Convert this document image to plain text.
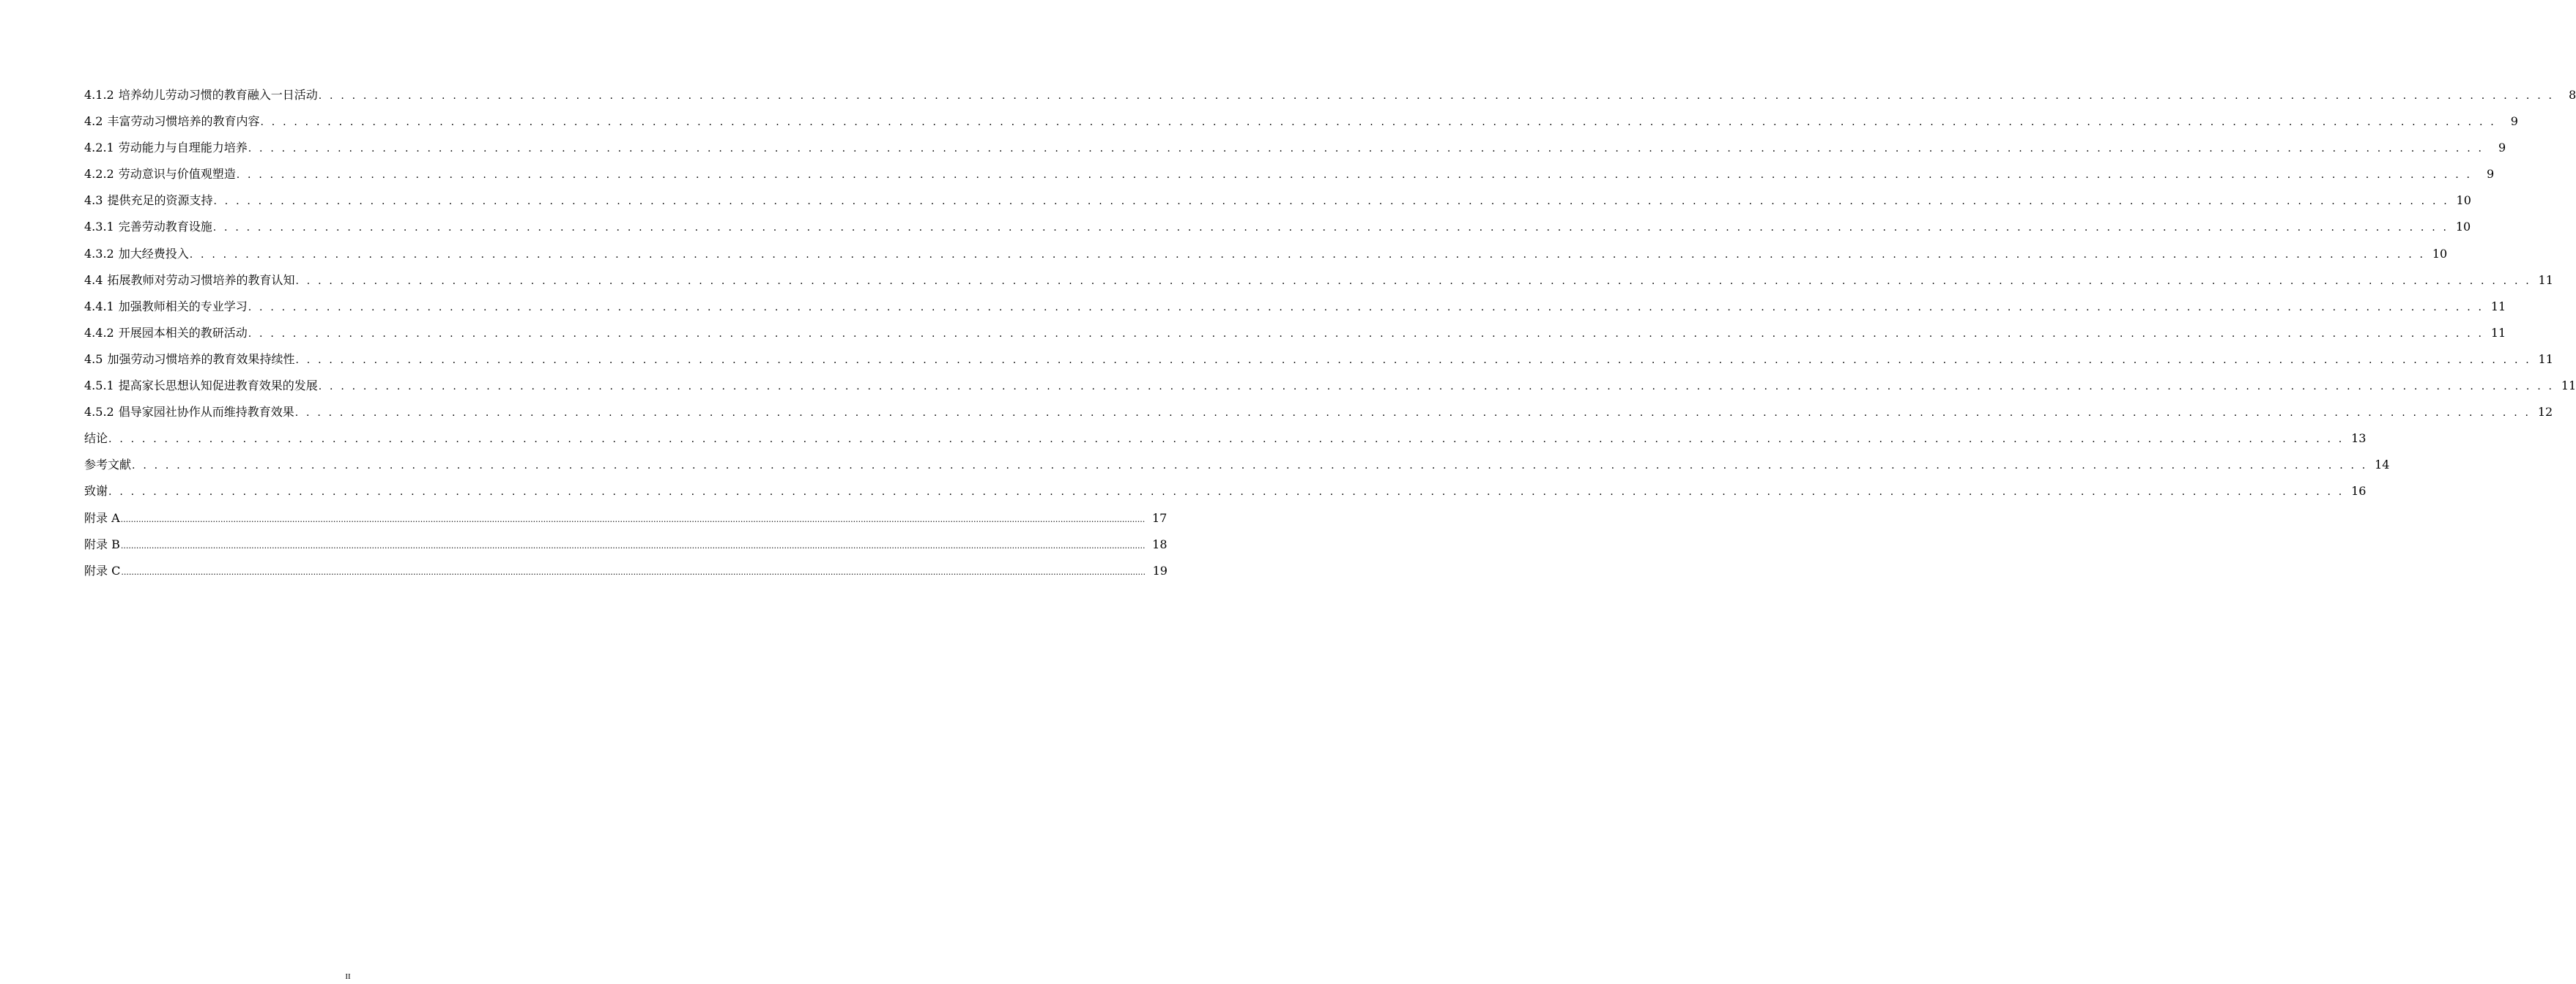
4.1.2 培养幼儿劳动习惯的教育融入一日活动 . . . . . . . . . . . . . . . . . . . . . . . . . . . . . . . . . . . . . . . . . . . . . . . . . . . . . . . . . . . . . . . . . . . . . . . . . . . . . . . . . . . . . . . . . . . . . . . . . . . . . . . . . . . . . . . . . . . . . . . . . . . . . . . . . . . . . . . . . . . . . . . . . . . . . . . . . . . . . . . . . . . . . . . . . . . . . . . . . . . . . . . . . . . . . . . . . . . . . . . .	8
4.2 丰富劳动习惯培养的教育内容 . . . . . . . . . . . . . . . . . . . . . . . . . . . . . . . . . . . . . . . . . . . . . . . . . . . . . . . . . . . . . . . . . . . . . . . . . . . . . . . . . . . . . . . . . . . . . . . . . . . . . . . . . . . . . . . . . . . . . . . . . . . . . . . . . . . . . . . . . . . . . . . . . . . . . . . . . . . . . . . . . . . . . . . . . . . . . . . . . . . . . . . . . . . . . . . . . . . . . . . .	9
4.2.1 劳动能力与自理能力培养 . . . . . . . . . . . . . . . . . . . . . . . . . . . . . . . . . . . . . . . . . . . . . . . . . . . . . . . . . . . . . . . . . . . . . . . . . . . . . . . . . . . . . . . . . . . . . . . . . . . . . . . . . . . . . . . . . . . . . . . . . . . . . . . . . . . . . . . . . . . . . . . . . . . . . . . . . . . . . . . . . . . . . . . . . . . . . . . . . . . . . . . . . . . . . . . . . . . . . . . .	9
4.2.2 劳动意识与价值观塑造 . . . . . . . . . . . . . . . . . . . . . . . . . . . . . . . . . . . . . . . . . . . . . . . . . . . . . . . . . . . . . . . . . . . . . . . . . . . . . . . . . . . . . . . . . . . . . . . . . . . . . . . . . . . . . . . . . . . . . . . . . . . . . . . . . . . . . . . . . . . . . . . . . . . . . . . . . . . . . . . . . . . . . . . . . . . . . . . . . . . . . . . . . . . . . . . . . . . . . . . .	9
4.3 提供充足的资源支持 . . . . . . . . . . . . . . . . . . . . . . . . . . . . . . . . . . . . . . . . . . . . . . . . . . . . . . . . . . . . . . . . . . . . . . . . . . . . . . . . . . . . . . . . . . . . . . . . . . . . . . . . . . . . . . . . . . . . . . . . . . . . . . . . . . . . . . . . . . . . . . . . . . . . . . . . . . . . . . . . . . . . . . . . . . . . . . . . . . . . . . . . . . . . . . . . . . . . . . . . 10
4.3.1 完善劳动教育设施 . . . . . . . . . . . . . . . . . . . . . . . . . . . . . . . . . . . . . . . . . . . . . . . . . . . . . . . . . . . . . . . . . . . . . . . . . . . . . . . . . . . . . . . . . . . . . . . . . . . . . . . . . . . . . . . . . . . . . . . . . . . . . . . . . . . . . . . . . . . . . . . . . . . . . . . . . . . . . . . . . . . . . . . . . . . . . . . . . . . . . . . . . . . . . . . . . . . . . . . . 10
4.3.2 加大经费投入 . . . . . . . . . . . . . . . . . . . . . . . . . . . . . . . . . . . . . . . . . . . . . . . . . . . . . . . . . . . . . . . . . . . . . . . . . . . . . . . . . . . . . . . . . . . . . . . . . . . . . . . . . . . . . . . . . . . . . . . . . . . . . . . . . . . . . . . . . . . . . . . . . . . . . . . . . . . . . . . . . . . . . . . . . . . . . . . . . . . . . . . . . . . . . . . . . . . . . . . . 10
4.4 拓展教师对劳动习惯培养的教育认知 . . . . . . . . . . . . . . . . . . . . . . . . . . . . . . . . . . . . . . . . . . . . . . . . . . . . . . . . . . . . . . . . . . . . . . . . . . . . . . . . . . . . . . . . . . . . . . . . . . . . . . . . . . . . . . . . . . . . . . . . . . . . . . . . . . . . . . . . . . . . . . . . . . . . . . . . . . . . . . . . . . . . . . . . . . . . . . . . . . . . . . . . . . . . . . . . . . . . . . . . 11
4.4.1 加强教师相关的专业学习 . . . . . . . . . . . . . . . . . . . . . . . . . . . . . . . . . . . . . . . . . . . . . . . . . . . . . . . . . . . . . . . . . . . . . . . . . . . . . . . . . . . . . . . . . . . . . . . . . . . . . . . . . . . . . . . . . . . . . . . . . . . . . . . . . . . . . . . . . . . . . . . . . . . . . . . . . . . . . . . . . . . . . . . . . . . . . . . . . . . . . . . . . . . . . . . . . . . . . . . . 11
4.4.2 开展园本相关的教研活动 . . . . . . . . . . . . . . . . . . . . . . . . . . . . . . . . . . . . . . . . . . . . . . . . . . . . . . . . . . . . . . . . . . . . . . . . . . . . . . . . . . . . . . . . . . . . . . . . . . . . . . . . . . . . . . . . . . . . . . . . . . . . . . . . . . . . . . . . . . . . . . . . . . . . . . . . . . . . . . . . . . . . . . . . . . . . . . . . . . . . . . . . . . . . . . . . . . . . . . . . 11
4.5 加强劳动习惯培养的教育效果持续性 . . . . . . . . . . . . . . . . . . . . . . . . . . . . . . . . . . . . . . . . . . . . . . . . . . . . . . . . . . . . . . . . . . . . . . . . . . . . . . . . . . . . . . . . . . . . . . . . . . . . . . . . . . . . . . . . . . . . . . . . . . . . . . . . . . . . . . . . . . . . . . . . . . . . . . . . . . . . . . . . . . . . . . . . . . . . . . . . . . . . . . . . . . . . . . . . . . . . . . . . 11
4.5.1 提高家长思想认知促进教育效果的发展 . . . . . . . . . . . . . . . . . . . . . . . . . . . . . . . . . . . . . . . . . . . . . . . . . . . . . . . . . . . . . . . . . . . . . . . . . . . . . . . . . . . . . . . . . . . . . . . . . . . . . . . . . . . . . . . . . . . . . . . . . . . . . . . . . . . . . . . . . . . . . . . . . . . . . . . . . . . . . . . . . . . . . . . . . . . . . . . . . . . . . . . . . . . . . . . . . . . . . . . . 11
4.5.2 倡导家园社协作从而维持教育效果 . . . . . . . . . . . . . . . . . . . . . . . . . . . . . . . . . . . . . . . . . . . . . . . . . . . . . . . . . . . . . . . . . . . . . . . . . . . . . . . . . . . . . . . . . . . . . . . . . . . . . . . . . . . . . . . . . . . . . . . . . . . . . . . . . . . . . . . . . . . . . . . . . . . . . . . . . . . . . . . . . . . . . . . . . . . . . . . . . . . . . . . . . . . . . . . . . . . . . . . . 12
结论 . . . . . . . . . . . . . . . . . . . . . . . . . . . . . . . . . . . . . . . . . . . . . . . . . . . . . . . . . . . . . . . . . . . . . . . . . . . . . . . . . . . . . . . . . . . . . . . . . . . . . . . . . . . . . . . . . . . . . . . . . . . . . . . . . . . . . . . . . . . . . . . . . . . . . . . . . . . . . . . . . . . . . . . . . . . . . . . . . . . . . . . . . . . . . . . . . . . . . . . . 13
参考文献 . . . . . . . . . . . . . . . . . . . . . . . . . . . . . . . . . . . . . . . . . . . . . . . . . . . . . . . . . . . . . . . . . . . . . . . . . . . . . . . . . . . . . . . . . . . . . . . . . . . . . . . . . . . . . . . . . . . . . . . . . . . . . . . . . . . . . . . . . . . . . . . . . . . . . . . . . . . . . . . . . . . . . . . . . . . . . . . . . . . . . . . . . . . . . . . . . . . . . . . . 14
致谢 . . . . . . . . . . . . . . . . . . . . . . . . . . . . . . . . . . . . . . . . . . . . . . . . . . . . . . . . . . . . . . . . . . . . . . . . . . . . . . . . . . . . . . . . . . . . . . . . . . . . . . . . . . . . . . . . . . . . . . . . . . . . . . . . . . . . . . . . . . . . . . . . . . . . . . . . . . . . . . . . . . . . . . . . . . . . . . . . . . . . . . . . . . . . . . . . . . . . . . . . 16
附录 A ................................................................................................................................................................................................................................................................................................................................................................................................................ 17
附录 B ................................................................................................................................................................................................................................................................................................................................................................................................................ 18
附录 C ................................................................................................................................................................................................................................................................................................................................................................................................................ 19
II
